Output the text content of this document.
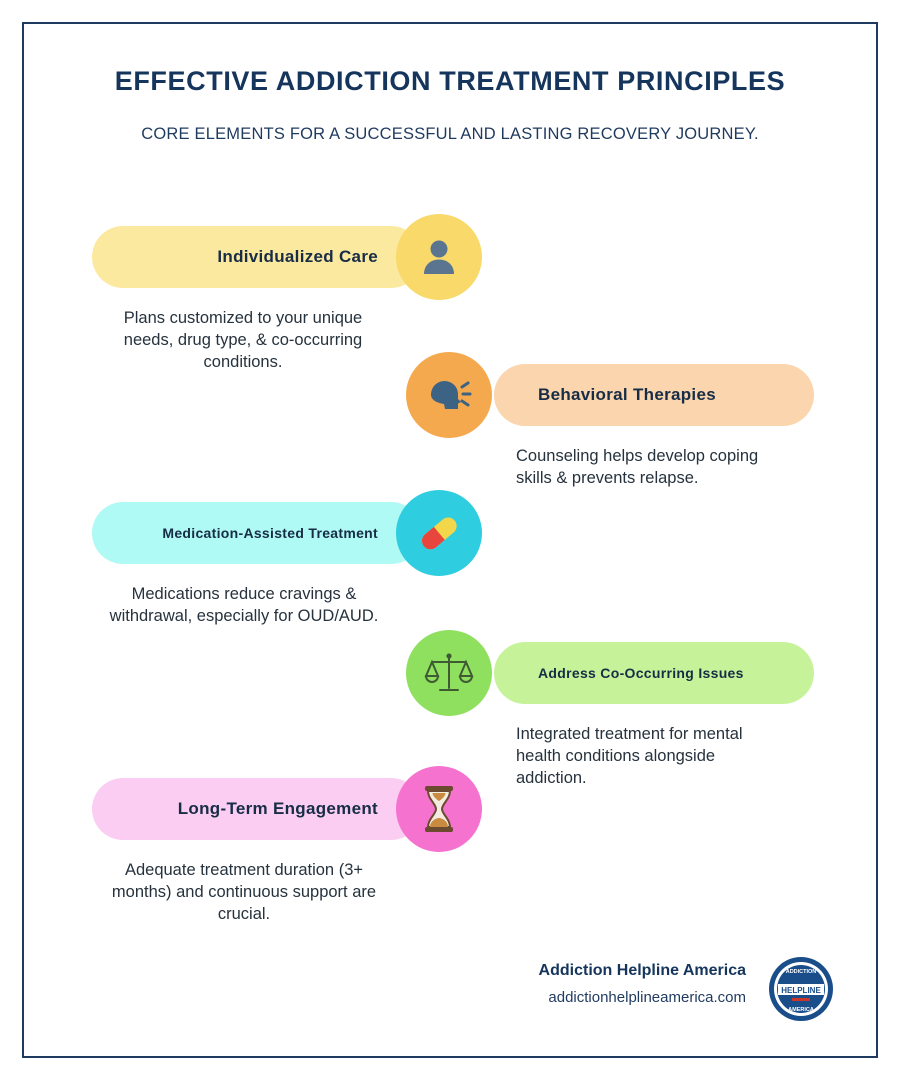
EFFECTIVE ADDICTION TREATMENT PRINCIPLES
CORE ELEMENTS FOR A SUCCESSFUL AND LASTING RECOVERY JOURNEY.
Individualized Care
Plans customized to your unique needs, drug type, & co-occurring conditions.
Behavioral Therapies
Counseling helps develop coping skills & prevents relapse.
Medication-Assisted Treatment
Medications reduce cravings & withdrawal, especially for OUD/AUD.
Address Co-Occurring Issues
Integrated treatment for mental health conditions alongside addiction.
Long-Term Engagement
Adequate treatment duration (3+ months) and continuous support are crucial.
Addiction Helpline America
addictionhelplineamerica.com	HELPLINE
ADDICTION
AMERICA
